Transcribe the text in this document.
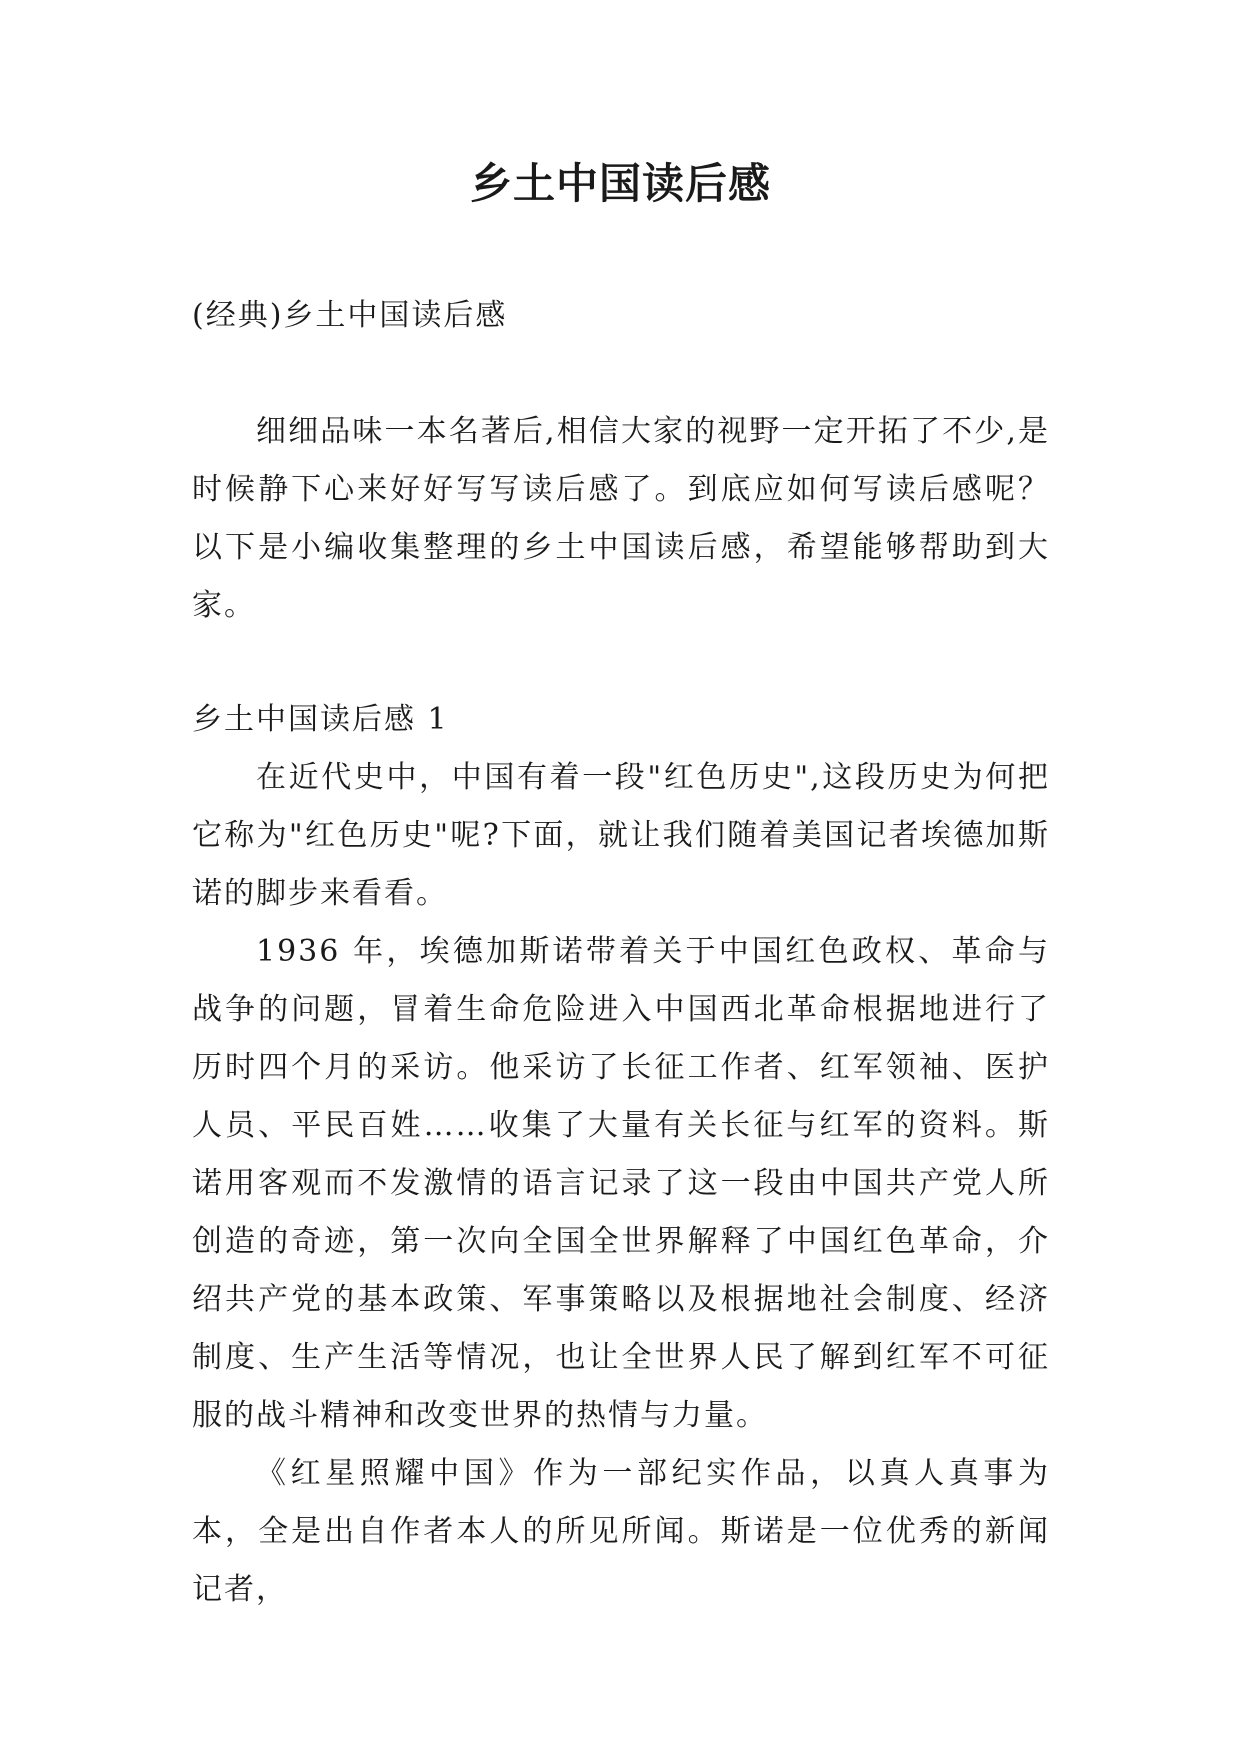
乡土中国读后感

(经典)乡土中国读后感

细细品味一本名著后,相信大家的视野一定开拓了不少,是时候静下心来好好写写读后感了。到底应如何写读后感呢？以下是小编收集整理的乡土中国读后感，希望能够帮助到大家。

乡土中国读后感 1

在近代史中，中国有着一段"红色历史",这段历史为何把它称为"红色历史"呢?下面，就让我们随着美国记者埃德加斯诺的脚步来看看。

1936 年，埃德加斯诺带着关于中国红色政权、革命与战争的问题，冒着生命危险进入中国西北革命根据地进行了历时四个月的采访。他采访了长征工作者、红军领袖、医护人员、平民百姓……收集了大量有关长征与红军的资料。斯诺用客观而不发激情的语言记录了这一段由中国共产党人所创造的奇迹，第一次向全国全世界解释了中国红色革命，介绍共产党的基本政策、军事策略以及根据地社会制度、经济制度、生产生活等情况，也让全世界人民了解到红军不可征服的战斗精神和改变世界的热情与力量。

《红星照耀中国》作为一部纪实作品，以真人真事为本，全是出自作者本人的所见所闻。斯诺是一位优秀的新闻记者，
